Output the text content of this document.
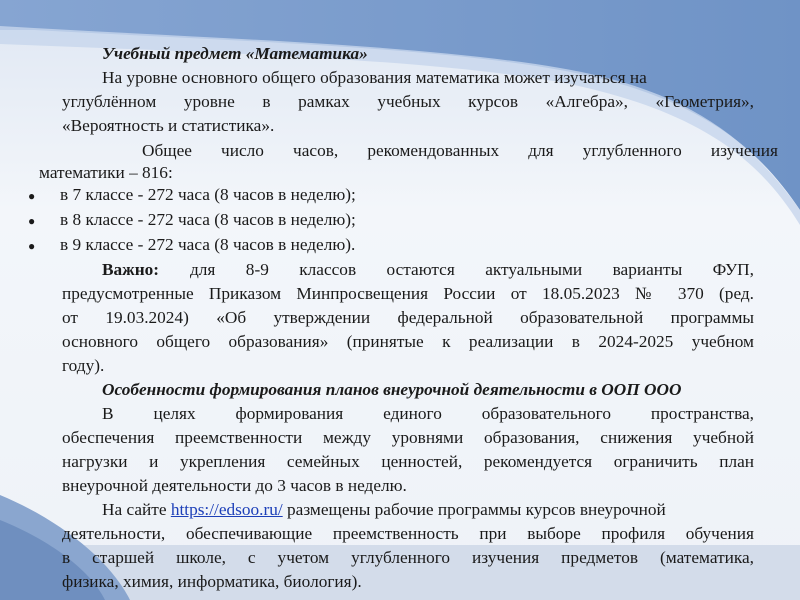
Учебный предмет «Математика»
На уровне основного общего образования математика может изучаться на
углублённом уровне в рамках учебных курсов «Алгебра», «Геометрия»,
«Вероятность и статистика».
Общее число часов, рекомендованных для углубленного изучения
математики – 816:
● в 7 классе - 272 часа (8 часов в неделю);
● в 8 классе - 272 часа (8 часов в неделю);
● в 9 классе - 272 часа (8 часов в неделю).
Важно: для 8-9 классов остаются актуальными варианты ФУП,
предусмотренные Приказом Минпросвещения России от 18.05.2023 № 370 (ред.
от 19.03.2024) «Об утверждении федеральной образовательной программы
основного общего образования» (принятые к реализации в 2024-2025 учебном
году).
Особенности формирования планов внеурочной деятельности в ООП ООО
В целях формирования единого образовательного пространства,
обеспечения преемственности между уровнями образования, снижения учебной
нагрузки и укрепления семейных ценностей, рекомендуется ограничить план
внеурочной деятельности до 3 часов в неделю.
На сайте https://edsoo.ru/ размещены рабочие программы курсов внеурочной
деятельности, обеспечивающие преемственность при выборе профиля обучения
в старшей школе, с учетом углубленного изучения предметов (математика,
физика, химия, информатика, биология).
